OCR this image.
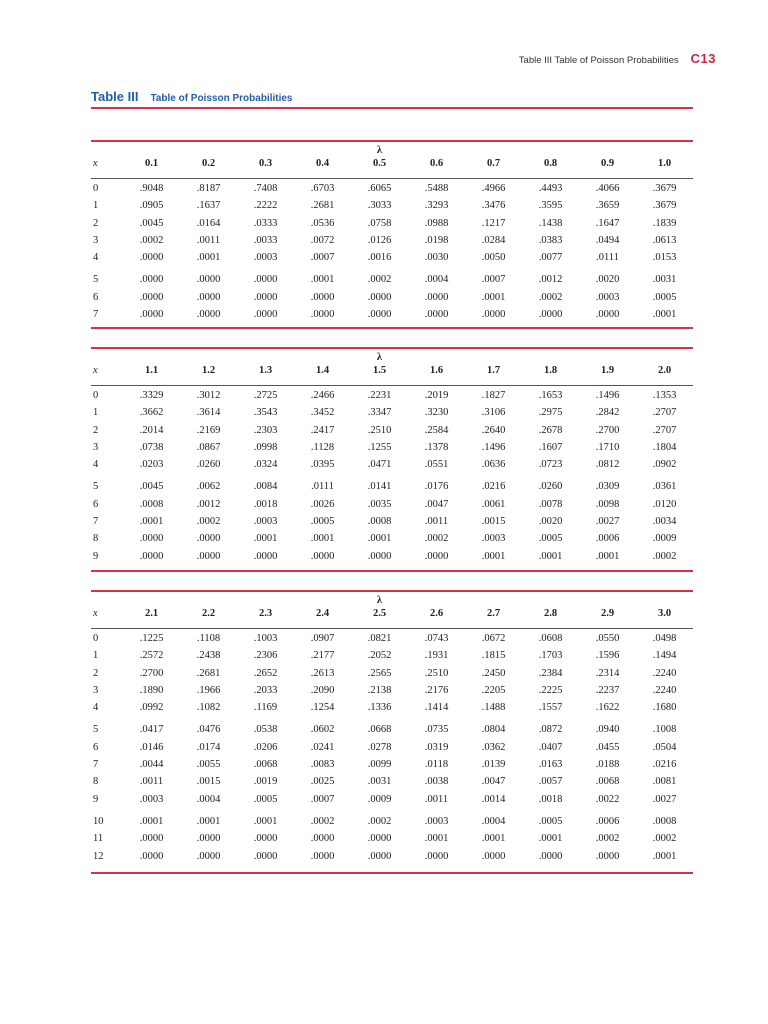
Table III Table of Poisson Probabilities C13
Table III Table of Poisson Probabilities
					λ					
x	0.1	0.2	0.3	0.4	0.5	0.6	0.7	0.8	0.9	1.0

0	.9048	.8187	.7408	.6703	.6065	.5488	.4966	.4493	.4066	.3679
1	.0905	.1637	.2222	.2681	.3033	.3293	.3476	.3595	.3659	.3679
2	.0045	.0164	.0333	.0536	.0758	.0988	.1217	.1438	.1647	.1839
3	.0002	.0011	.0033	.0072	.0126	.0198	.0284	.0383	.0494	.0613
4	.0000	.0001	.0003	.0007	.0016	.0030	.0050	.0077	.0111	.0153
5	.0000	.0000	.0000	.0001	.0002	.0004	.0007	.0012	.0020	.0031
6	.0000	.0000	.0000	.0000	.0000	.0000	.0001	.0002	.0003	.0005
7	.0000	.0000	.0000	.0000	.0000	.0000	.0000	.0000	.0000	.0001
					λ					
x	1.1	1.2	1.3	1.4	1.5	1.6	1.7	1.8	1.9	2.0

0	.3329	.3012	.2725	.2466	.2231	.2019	.1827	.1653	.1496	.1353
1	.3662	.3614	.3543	.3452	.3347	.3230	.3106	.2975	.2842	.2707
2	.2014	.2169	.2303	.2417	.2510	.2584	.2640	.2678	.2700	.2707
3	.0738	.0867	.0998	.1128	.1255	.1378	.1496	.1607	.1710	.1804
4	.0203	.0260	.0324	.0395	.0471	.0551	.0636	.0723	.0812	.0902
5	.0045	.0062	.0084	.0111	.0141	.0176	.0216	.0260	.0309	.0361
6	.0008	.0012	.0018	.0026	.0035	.0047	.0061	.0078	.0098	.0120
7	.0001	.0002	.0003	.0005	.0008	.0011	.0015	.0020	.0027	.0034
8	.0000	.0000	.0001	.0001	.0001	.0002	.0003	.0005	.0006	.0009
9	.0000	.0000	.0000	.0000	.0000	.0000	.0001	.0001	.0001	.0002
					λ					
x	2.1	2.2	2.3	2.4	2.5	2.6	2.7	2.8	2.9	3.0

0	.1225	.1108	.1003	.0907	.0821	.0743	.0672	.0608	.0550	.0498
1	.2572	.2438	.2306	.2177	.2052	.1931	.1815	.1703	.1596	.1494
2	.2700	.2681	.2652	.2613	.2565	.2510	.2450	.2384	.2314	.2240
3	.1890	.1966	.2033	.2090	.2138	.2176	.2205	.2225	.2237	.2240
4	.0992	.1082	.1169	.1254	.1336	.1414	.1488	.1557	.1622	.1680
5	.0417	.0476	.0538	.0602	.0668	.0735	.0804	.0872	.0940	.1008
6	.0146	.0174	.0206	.0241	.0278	.0319	.0362	.0407	.0455	.0504
7	.0044	.0055	.0068	.0083	.0099	.0118	.0139	.0163	.0188	.0216
8	.0011	.0015	.0019	.0025	.0031	.0038	.0047	.0057	.0068	.0081
9	.0003	.0004	.0005	.0007	.0009	.0011	.0014	.0018	.0022	.0027
10	.0001	.0001	.0001	.0002	.0002	.0003	.0004	.0005	.0006	.0008
11	.0000	.0000	.0000	.0000	.0000	.0001	.0001	.0001	.0002	.0002
12	.0000	.0000	.0000	.0000	.0000	.0000	.0000	.0000	.0000	.0001
